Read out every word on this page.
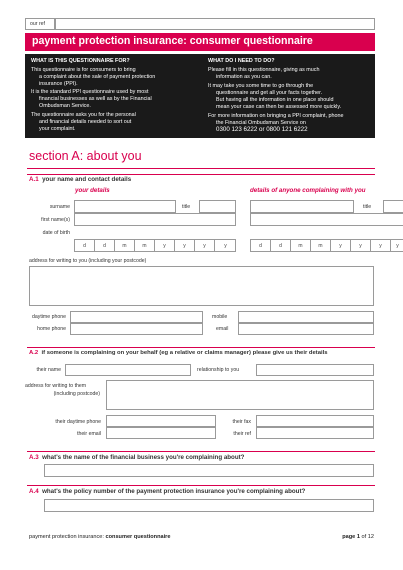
our ref
payment protection insurance: consumer questionnaire
WHAT IS THIS QUESTIONNAIRE FOR?
This questionnaire is for consumers to bring
a complaint about the sale of payment protection
insurance (PPI).
It is the standard PPI questionnaire used by most
financial businesses as well as by the Financial
Ombudsman Service.
The questionnaire asks you for the personal
and financial details needed to sort out
your complaint.
WHAT DO I NEED TO DO?
Please fill in this questionnaire, giving as much
information as you can.
It may take you some time to go through the
questionnaire and get all your facts together.
But having all the information in one place should
mean your case can then be assessed more quickly.
For more information on bringing a PPI complaint, phone
the Financial Ombudsman Service on
0300 123 6222 or 0800 121 6222
section A: about you
A.1 your name and contact details
your details	details of anyone complaining with you
surname	title	title
first name(s)
date of birth
d	d	m	m	y	y	y	y	d	d	m	m	y	y	y	y
address for writing to you (including your postcode)
daytime phone	mobile
home phone	email
A.2 if someone is complaining on your behalf (eg a relative or claims manager) please give us their details
their name	relationship to you
address for writing to them
(including postcode)
their daytime phone	their fax
their email	their ref
A.3 what's the name of the financial business you're complaining about?
A.4 what's the policy number of the payment protection insurance you're complaining about?
payment protection insurance: consumer questionnaire	page 1 of 12
